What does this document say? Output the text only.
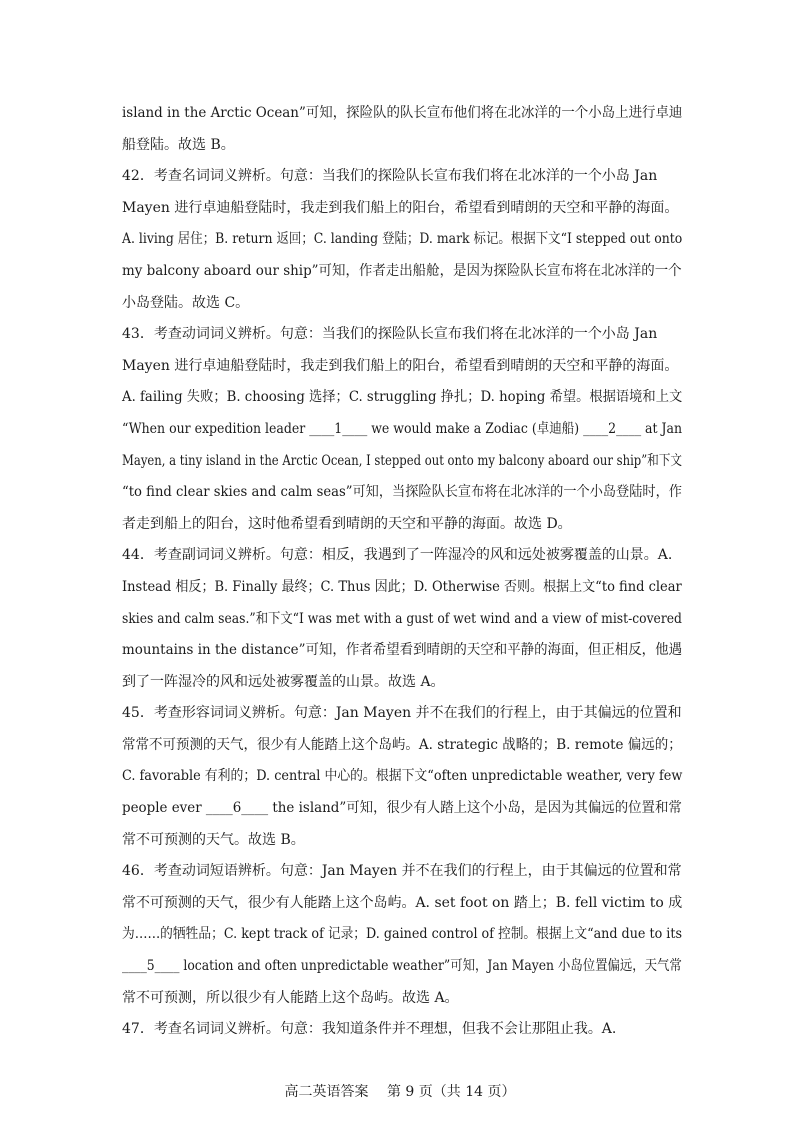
island in the Arctic Ocean”可知，探险队的队长宣布他们将在北冰洋的一个小岛上进行卓迪
船登陆。故选 B。
42．考查名词词义辨析。句意：当我们的探险队长宣布我们将在北冰洋的一个小岛 Jan
Mayen 进行卓迪船登陆时，我走到我们船上的阳台，希望看到晴朗的天空和平静的海面。
A. living 居住；B. return 返回；C. landing 登陆；D. mark 标记。根据下文“I stepped out onto
my balcony aboard our ship”可知，作者走出船舱，是因为探险队长宣布将在北冰洋的一个
小岛登陆。故选 C。
43．考查动词词义辨析。句意：当我们的探险队长宣布我们将在北冰洋的一个小岛 Jan
Mayen 进行卓迪船登陆时，我走到我们船上的阳台，希望看到晴朗的天空和平静的海面。
A. failing 失败；B. choosing 选择；C. struggling 挣扎；D. hoping 希望。根据语境和上文
“When our expedition leader ____1____ we would make a Zodiac (卓迪船) ____2____ at Jan
Mayen, a tiny island in the Arctic Ocean, I stepped out onto my balcony aboard our ship”和下文
“to find clear skies and calm seas”可知，当探险队长宣布将在北冰洋的一个小岛登陆时，作
者走到船上的阳台，这时他希望看到晴朗的天空和平静的海面。故选 D。
44．考查副词词义辨析。句意：相反，我遇到了一阵湿冷的风和远处被雾覆盖的山景。A.
Instead 相反；B. Finally 最终；C. Thus 因此；D. Otherwise 否则。根据上文“to find clear
skies and calm seas.”和下文“I was met with a gust of wet wind and a view of mist-covered
mountains in the distance”可知，作者希望看到晴朗的天空和平静的海面，但正相反，他遇
到了一阵湿冷的风和远处被雾覆盖的山景。故选 A。
45．考查形容词词义辨析。句意：Jan Mayen 并不在我们的行程上，由于其偏远的位置和
常常不可预测的天气，很少有人能踏上这个岛屿。A. strategic 战略的；B. remote 偏远的；
C. favorable 有利的；D. central 中心的。根据下文“often unpredictable weather, very few
people ever ____6____ the island”可知，很少有人踏上这个小岛，是因为其偏远的位置和常
常不可预测的天气。故选 B。
46．考查动词短语辨析。句意：Jan Mayen 并不在我们的行程上，由于其偏远的位置和常
常不可预测的天气，很少有人能踏上这个岛屿。A. set foot on 踏上；B. fell victim to 成
为……的牺牲品；C. kept track of 记录；D. gained control of 控制。根据上文“and due to its
____5____ location and often unpredictable weather”可知，Jan Mayen 小岛位置偏远，天气常
常不可预测，所以很少有人能踏上这个岛屿。故选 A。
47．考查名词词义辨析。句意：我知道条件并不理想，但我不会让那阻止我。A.
高二英语答案　 第 9 页（共 14 页）
